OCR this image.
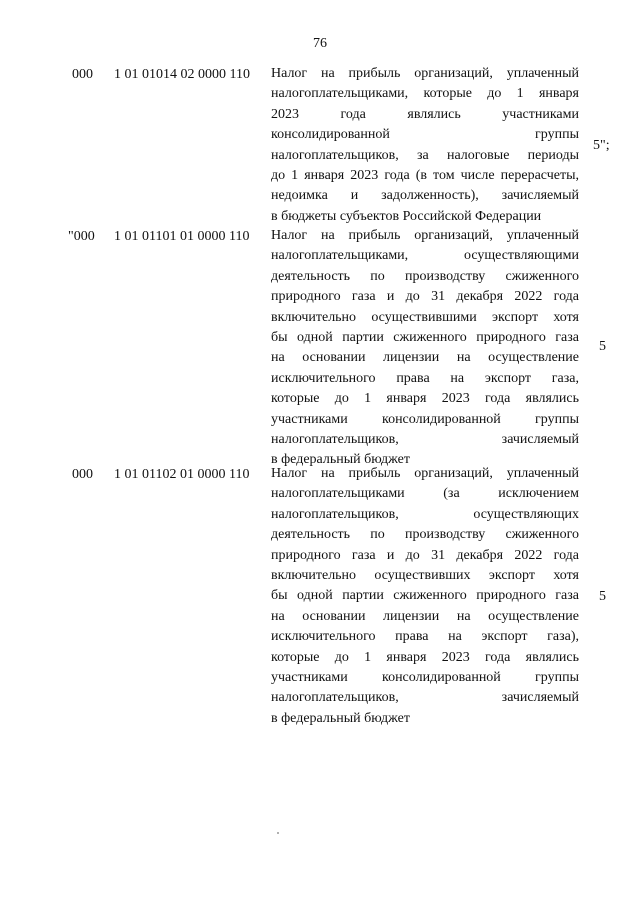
76
000 1 01 01014 02 0000 110 Налог на прибыль организаций, уплаченный
налогоплательщиками, которые до 1 января
2023 года являлись участниками
консолидированной группы
налогоплательщиков, за налоговые периоды
до 1 января 2023 года (в том числе перерасчеты,
недоимка и задолженность), зачисляемый
в бюджеты субъектов Российской Федерации
5";
"000 1 01 01101 01 0000 110 Налог на прибыль организаций, уплаченный
налогоплательщиками, осуществляющими
деятельность по производству сжиженного
природного газа и до 31 декабря 2022 года
включительно осуществившими экспорт хотя
бы одной партии сжиженного природного газа
на основании лицензии на осуществление
исключительного права на экспорт газа,
которые до 1 января 2023 года являлись
участниками консолидированной группы
налогоплательщиков, зачисляемый
в федеральный бюджет
5
000 1 01 01102 01 0000 110 Налог на прибыль организаций, уплаченный
налогоплательщиками (за исключением
налогоплательщиков, осуществляющих
деятельность по производству сжиженного
природного газа и до 31 декабря 2022 года
включительно осуществивших экспорт хотя
бы одной партии сжиженного природного газа
на основании лицензии на осуществление
исключительного права на экспорт газа),
которые до 1 января 2023 года являлись
участниками консолидированной группы
налогоплательщиков, зачисляемый
в федеральный бюджет
5
